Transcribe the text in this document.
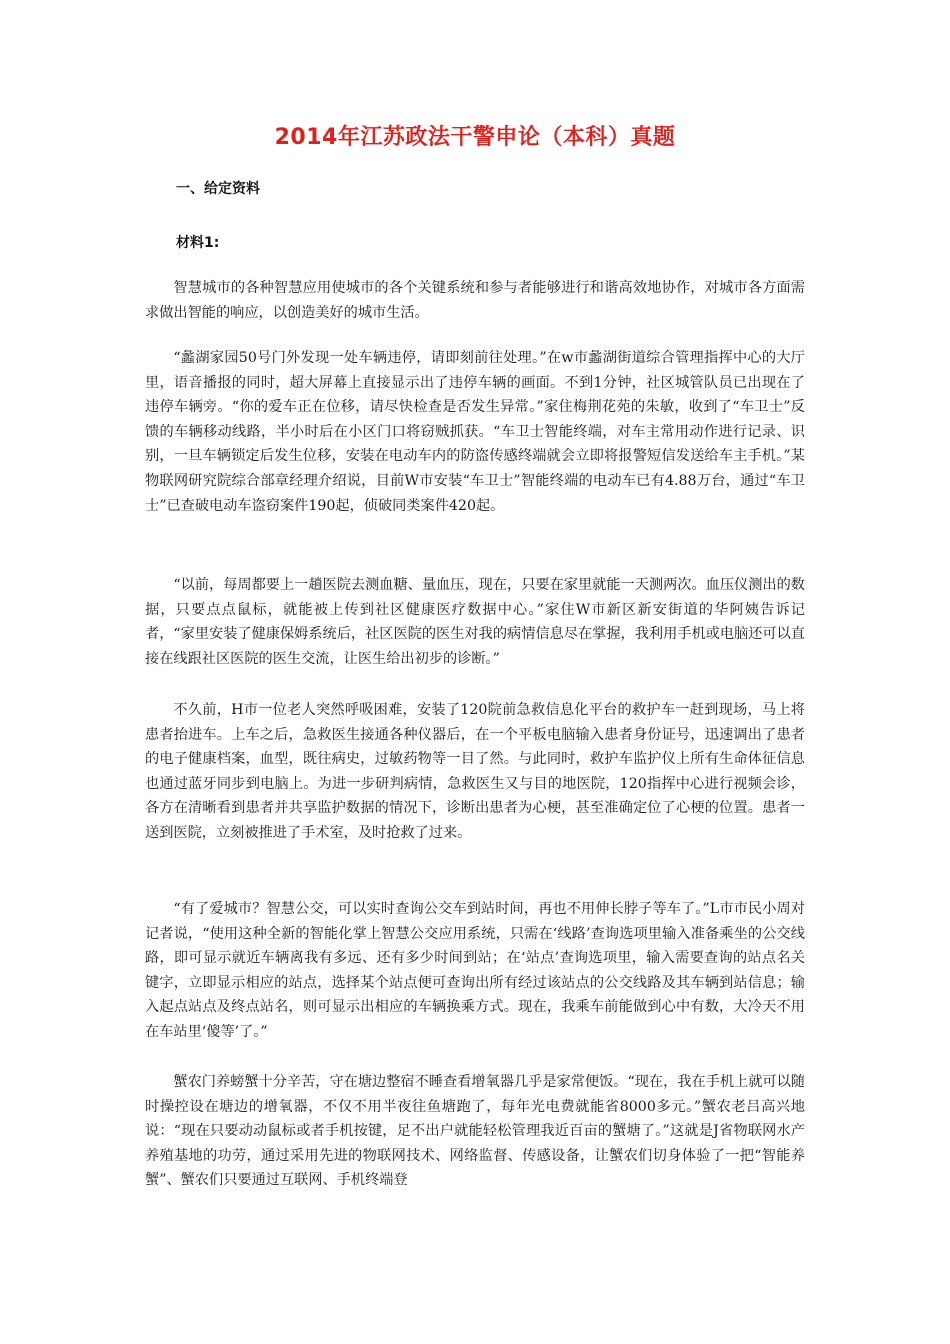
2014年江苏政法干警申论（本科）真题
一、给定资料
材料1:

智慧城市的各种智慧应用使城市的各个关键系统和参与者能够进行和谐高效地协作，对城市各方面需求做出智能的响应，以创造美好的城市生活。

“蠡湖家园50号门外发现一处车辆违停，请即刻前往处理。”在w市蠡湖街道综合管理指挥中心的大厅里，语音播报的同时，超大屏幕上直接显示出了违停车辆的画面。不到1分钟，社区城管队员已出现在了违停车辆旁。“你的爱车正在位移，请尽快检查是否发生异常。”家住梅荆花苑的朱敏，收到了“车卫士”反馈的车辆移动线路，半小时后在小区门口将窃贼抓获。“车卫士智能终端，对车主常用动作进行记录、识别，一旦车辆锁定后发生位移，安装在电动车内的防盗传感终端就会立即将报警短信发送给车主手机。”某物联网研究院综合部章经理介绍说，目前W市安装“车卫士”智能终端的电动车已有4.88万台，通过“车卫士”已查破电动车盗窃案件190起，侦破同类案件420起。

“以前，每周都要上一趟医院去测血糖、量血压，现在，只要在家里就能一天测两次。血压仪测出的数据，只要点点鼠标，就能被上传到社区健康医疗数据中心。”家住W市新区新安街道的华阿姨告诉记者，“家里安装了健康保姆系统后，社区医院的医生对我的病情信息尽在掌握，我利用手机或电脑还可以直接在线跟社区医院的医生交流，让医生给出初步的诊断。”

不久前，H市一位老人突然呼吸困难，安装了120院前急救信息化平台的救护车一赶到现场，马上将患者抬进车。上车之后，急救医生接通各种仪器后，在一个平板电脑输入患者身份证号，迅速调出了患者的电子健康档案，血型，既往病史，过敏药物等一目了然。与此同时，救护车监护仪上所有生命体征信息也通过蓝牙同步到电脑上。为进一步研判病情，急救医生又与目的地医院，120指挥中心进行视频会诊，各方在清晰看到患者并共享监护数据的情况下，诊断出患者为心梗，甚至准确定位了心梗的位置。患者一送到医院，立刻被推进了手术室，及时抢救了过来。

“有了爱城市？智慧公交，可以实时查询公交车到站时间，再也不用伸长脖子等车了。”L市市民小周对记者说，“使用这种全新的智能化掌上智慧公交应用系统，只需在‘线路’查询选项里输入准备乘坐的公交线路，即可显示就近车辆离我有多远、还有多少时间到站；在‘站点’查询选项里，输入需要查询的站点名关键字，立即显示相应的站点，选择某个站点便可查询出所有经过该站点的公交线路及其车辆到站信息；输入起点站点及终点站名，则可显示出相应的车辆换乘方式。现在，我乘车前能做到心中有数，大冷天不用在车站里‘傻等’了。”

蟹农门养螃蟹十分辛苦，守在塘边整宿不睡查看增氧器几乎是家常便饭。“现在，我在手机上就可以随时操控设在塘边的增氧器，不仅不用半夜往鱼塘跑了，每年光电费就能省8000多元。”蟹农老吕高兴地说：“现在只要动动鼠标或者手机按键，足不出户就能轻松管理我近百亩的蟹塘了。”这就是J省物联网水产养殖基地的功劳，通过采用先进的物联网技术、网络监督、传感设备，让蟹农们切身体验了一把“智能养蟹”、蟹农们只要通过互联网、手机终端登
